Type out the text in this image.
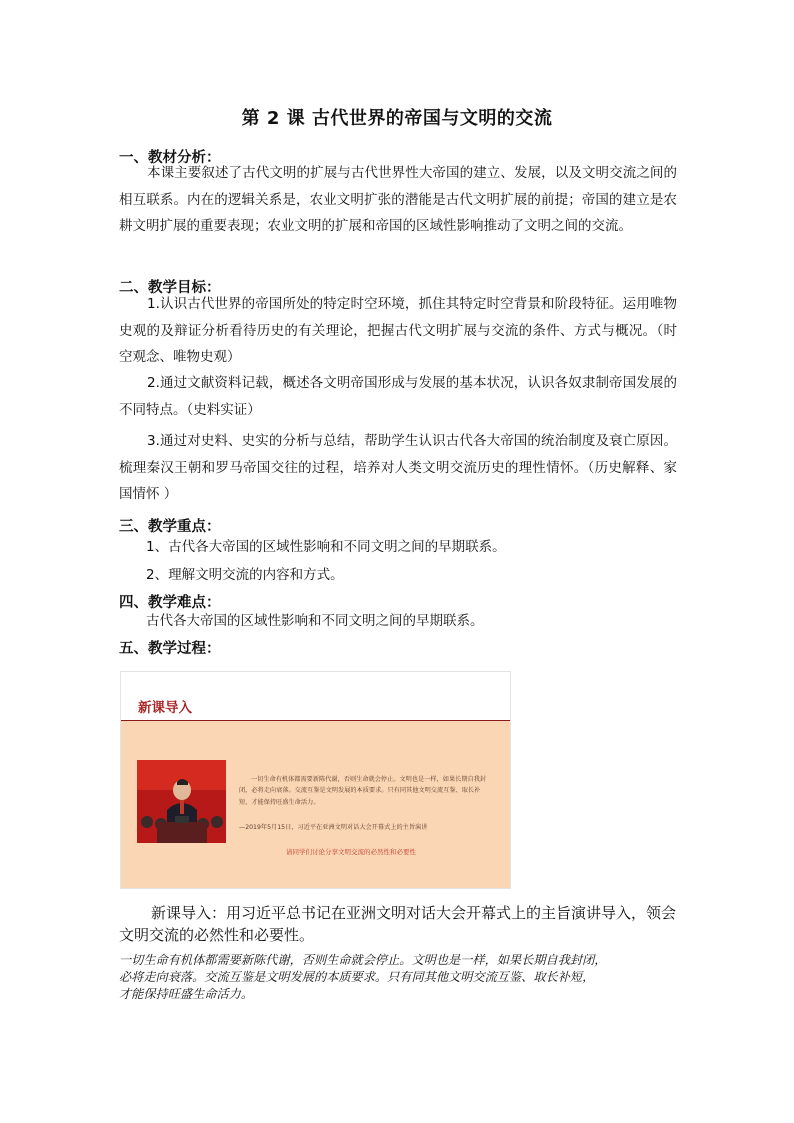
第 2 课 古代世界的帝国与文明的交流
一、教材分析：

本课主要叙述了古代文明的扩展与古代世界性大帝国的建立、发展，以及文明交流之间的相互联系。内在的逻辑关系是，农业文明扩张的潜能是古代文明扩展的前提；帝国的建立是农耕文明扩展的重要表现；农业文明的扩展和帝国的区域性影响推动了文明之间的交流。

二、教学目标：

1.认识古代世界的帝国所处的特定时空环境，抓住其特定时空背景和阶段特征。运用唯物史观的及辩证分析看待历史的有关理论，把握古代文明扩展与交流的条件、方式与概况。（时空观念、唯物史观）

2.通过文献资料记载，概述各文明帝国形成与发展的基本状况，认识各奴隶制帝国发展的不同特点。（史料实证）

3.通过对史料、史实的分析与总结，帮助学生认识古代各大帝国的统治制度及衰亡原因。梳理秦汉王朝和罗马帝国交往的过程，培养对人类文明交流历史的理性情怀。（历史解释、家国情怀 ）

三、教学重点：
1、古代各大帝国的区域性影响和不同文明之间的早期联系。
2、理解文明交流的内容和方式。
四、教学难点：
古代各大帝国的区域性影响和不同文明之间的早期联系。
五、教学过程：
新课导入
一切生命有机体都需要新陈代谢，否则生命就会停止。文明也是一样，如果长期自我封闭，必将走向衰落。交流互鉴是文明发展的本质要求。只有同其他文明交流互鉴、取长补短，才能保持旺盛生命活力。
—2019年5月15日，习近平在亚洲文明对话大会开幕式上的主旨演讲
请同学们讨论分享文明交流的必然性和必要性

新课导入：用习近平总书记在亚洲文明对话大会开幕式上的主旨演讲导入，领会文明交流的必然性和必要性。

一切生命有机体都需要新陈代谢，否则生命就会停止。文明也是一样，如果长期自我封闭，
必将走向衰落。交流互鉴是文明发展的本质要求。只有同其他文明交流互鉴、取长补短，
才能保持旺盛生命活力。
